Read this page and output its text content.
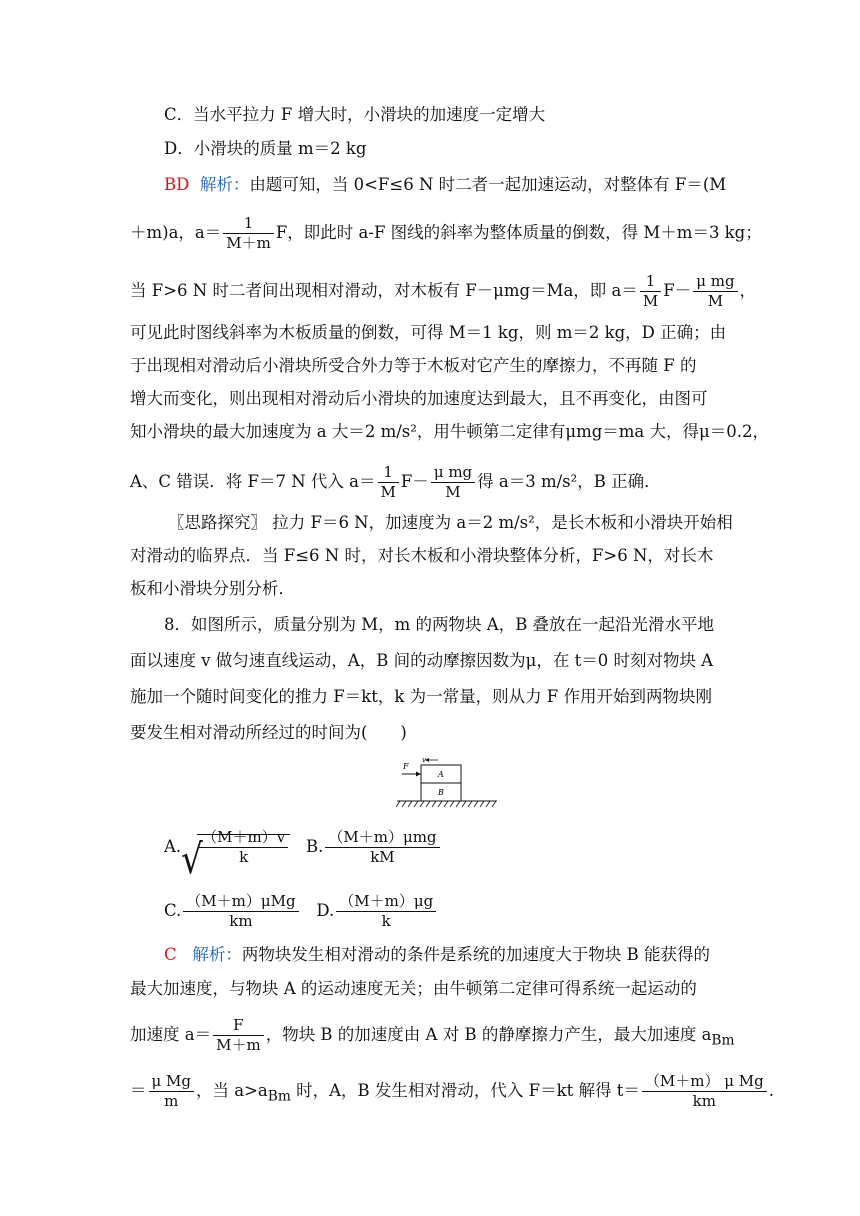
C．当水平拉力 F 增大时，小滑块的加速度一定增大
D．小滑块的质量 m＝2 kg
BD 解析：由题可知，当 0<F≤6 N 时二者一起加速运动，对整体有 F＝(M
＋m)a，$a= \frac{1}{M+m}$ F，即此时 a-F 图线的斜率为整体质量的倒数，得 M＋m＝3 kg；
当 F>6 N 时二者间出现相对滑动，对木板有 F－μmg＝Ma，即 $a= \frac{1}{M} F- \frac{\text{μ mg}}{M}$ ，
可见此时图线斜率为木板质量的倒数，可得 M＝1 kg，则 m＝2 kg，D 正确；由
于出现相对滑动后小滑块所受合外力等于木板对它产生的摩擦力，不再随 F 的
增大而变化，则出现相对滑动后小滑块的加速度达到最大，且不再变化，由图可
知小滑块的最大加速度为 a 大＝2 m/s²，用牛顿第二定律有μmg＝ma 大，得μ＝0.2，
A、C 错误．将 F＝7 N 代入 $a= \frac{1}{M} F- \frac{\text{μ mg}}{M}$ 得 a＝3 m/s²，B 正确．
〖思路探究〗 拉力 F＝6 N，加速度为 a＝2 m/s²，是长木板和小滑块开始相
对滑动的临界点．当 F≤6 N 时，对长木板和小滑块整体分析，F>6 N，对长木
板和小滑块分别分析．
8．如图所示，质量分别为 M，m 的两物块 A，B 叠放在一起沿光滑水平地
面以速度 v 做匀速直线运动，A，B 间的动摩擦因数为μ，在 t＝0 时刻对物块 A
施加一个随时间变化的推力 F＝kt，k 为一常量，则从力 F 作用开始到两物块刚
要发生相对滑动所经过的时间为(　　)
F
v
A
B
A. √
$\frac{(M+m)v}{k} B$. $\frac{\text{（M＋m）μmg}}{kM}$
C. $\frac{\text{（M＋m）μMg}}{km} D$. $\frac{(M+m)\mu g}{k}$
C 解析：两物块发生相对滑动的条件是系统的加速度大于物块 B 能获得的
最大加速度，与物块 A 的运动速度无关；由牛顿第二定律可得系统一起运动的
加速度 $a= \frac{F}{M+m}$ ，物块 B 的加速度由 A 对 B 的静摩擦力产生，最大加速度 $a_{Bm}$
＝ $\frac{\text{μ Mg}}{m}$ ，当 $a>a_{Bm}$ 时，A，B 发生相对滑动，代入 F＝kt 解得 $t= \frac{\text{（M＋m） μ Mg}}{km}$ .
